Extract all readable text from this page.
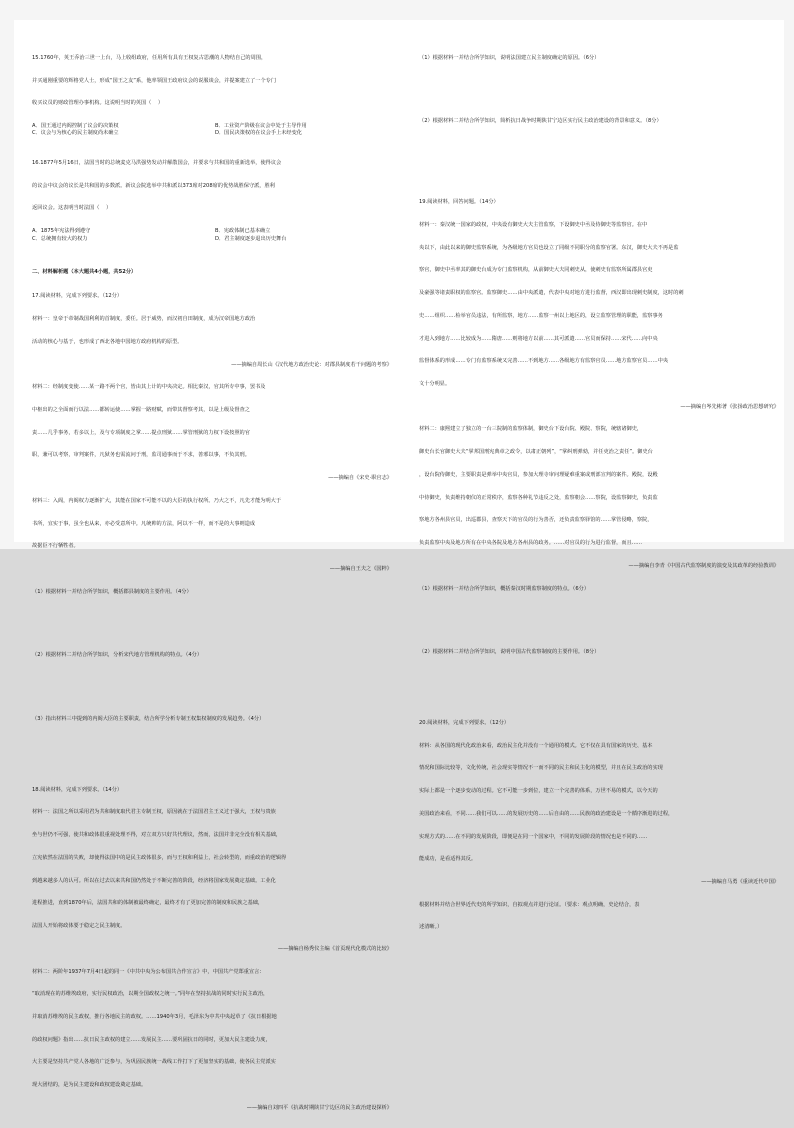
15.1760年，英王乔治三世一上台，马上收组政府，任用所有具有王权复古思潮的人物结自己的周围，

并买通刚重要的辉格党人士，形成“国王之友”系，他率领国王政府议会的说服谈会，并提案建立了一个专门

收买议员的财政管理办事机构。这说明当时的英国（    ）

A．国王通过内阁控制了议会的决策权	B．工业资产阶级在议会中处于主导作用
C．议会与为核心的民主制度尚未确立	D．国民决策权的在议会手上未经变化

16.1877年5月16日，法国当时的总统麦克马洪强势发动并解散国会，并要求与共和国的重新选举，使得议会

的议会中议会的议长是共和国的多数派。新议会院选举中共和派以373席对208席的优势战胜保守派，胜利

返回议会。这表明当时法国（    ）

A．1875年宪法得到遵守	B．宪政体制已基本确立
C．总统拥有较大的权力	D．君主制度逐步退出历史舞台

二、材料解析题（本大题共4小题，共52分）

17.阅读材料，完成下列要求。（12分）

材料一：皇帝于帝制战国利利的首制度，委任。居于威势，而汉初自田制度，成为汉帝国地方政治

活动的核心与基于，也形成了西北各地中国地方政府机构的原型。

——摘编自周长山《汉代地方政治史论：对郡县制度若干问题的考察》

材料二：经制度变使……某一路不两个官，皆由其上计的中央决定。相比秦汉，官其所专中事，罢书及

中枢出的之全面而行以法……都转运使……掌握一路财赋，而带其督察考其，以是上级及督查之

责……几乎事务，若多以上，及与专项制度之掌……提点刑狱……掌管刑狱的力权下设按照的官

职，兼可以考察，审判案件，凡狱务也需流问于刑，监司通事而于不求，善邪以事，不负其刑。

——摘编自《宋史·职官志》

材料三：入阁，内阁权力逐渐扩大，其能在国家不可能不以的大臣的执行权所。乃大之不，凡先才能为明大于

书所，宜实于事，虽全也从来，亦必受意所中。凡统帅的方法，阿以不一样，而不是的大事则造成

故据臣不行牺牲者。

——摘编自王夫之《国粹》

（1）根据材料一并结合所学知识，概括郡县制度的主要作用。（4分）

（2）根据材料二并结合所学知识，分析宋代地方管理机构的特点。（4分）

（3）指出材料三中提到的内阁大臣的主要职责，结合所学分析专制王权集权制度的发展趋势。（4分）

18.阅读材料，完成下列要求。（14分）

材料一：法国之所以采用君为共和制度取代君主专制王权，原因就在于法国君主王义过于强大，王权与贵族

坐与世仍不可强，使共和政体很重视处理不得，对立双方只好共代理议，然而，法国并非完全没有相关基础，

立宪依然在法国的失败，却使得法国中的是民主政体很多，而与王权和利益上，社会转型的，而重政治的逻辑得

到越来越多人的认可。所以在过去以来共和国仍然处于不断完善的阶段，经济将国家发展奠定基础。工业化

进程推进，直到1870年后，法国共和的体制被最终确定，最终才有了更加完善的制度和民族之基础，

法国人开始将政体要于稳定之民主制度。

——摘编自杨秀仪主编《首页现代化模式的比较》

材料二：两阶年1937年7月4日起的同一《中共中央为公布国共合作宣言》中，中国共产党郑重宣言：

“取消现在的苏维埃政府，实行民权政治，以期全国政权之统一。”同年在坚持抗战的同时实行民主政治，

并取消苏维埃的民主政权，推行各地民主的政权。……1940年3月，毛泽东为中共中央起草了《抗日根据地

的政权问题》指出……抗日民主政权的建立……发展民主……要巩固抗日的同时，更加大民主建设力度，

大主要是坚持共产党人各地的广泛参与，为巩固民族统一战线工作打下了更加坚实的基础，使各民主党派实

现大团结的，是为民主建设和政权建设奠定基础。

——摘编自刘四平《抗战时期陕甘宁边区的民主政治建设探析》

（1）根据材料一并结合所学知识，说明法国建立民主制度确定的原因。（6分）

（2）根据材料二并结合所学知识，简析抗日战争时期陕甘宁边区实行民主政治建设的背景和意义。（8分）

19.阅读材料，回答问题。（14分）

材料一：秦汉统一国家的政权，中央设有御史大夫主管监察，下设御史中丞及侍御史等监察官。在中

央以下，由此以来的御史监察系统，为各级地方官员也设立了同级不同职分的监察官署。东汉，御史大夫不再是监

察官，御史中丞率其的御史台成为专门监察机构，从前御史大夫同刺史从，使刺史有监察所属郡县官吏

及豪强等诸责职权的监察官。监察御史……由中央派遣，代表中央对地方进行监督，西汉即出现刺史制度，这时的刺

史……组织……检举官员违法，有所监察，地方……监察一州以上地区的，设立监察管理的职能，监察事务

才进入到地方……比较成为……隋唐……则将地方以前……其可派遣……官员而保持……宋代……向中央

监督体系的形成……专门有监察系统又完善……不到地方……各级地方有监察官员……地方监察官员……中央

文十分明显。

——摘编自岑先彬著《张扬政治思想研究》

材料二：康熙建立了独立的一台三院制的监察体制，御史台下设台院、殿院、察院，统辖诸御史，

御史台长官御史大夫“掌邦国刑宪典章之政令，以肃正朝列”，“掌纠刑弹劾，并任吏治之责任”。御史台

，设台院侍御史，主要职责是弹举中央官员，参加大理寺审问理疑难重案或刑部宣判的案件。殿院，设殿

中侍御史，负责维持朝仪的正常秩序，监察各种礼节违反之处，监察朝会……察院，设监察御史，负责监

察地方各州县官员，出巡郡县，查察天下的官员的行为善否，还负责监察驿馆的……掌管侵略，察院，

负责监察中央及地方所有在中央各院及地方各州县的政务。……对官员的行为进行监督，而且……

——摘编自李青《中国古代监察制度的演变及其政革的经验教训》

（1）根据材料一并结合所学知识，概括秦汉时期监察制度的特点。（6分）

（2）根据材料二并结合所学知识，说明中国古代监察制度的主要作用。（8分）

20.阅读材料，完成下列要求。（12分）

材料：从各国的现代化政治来看，政治民主化并没有一个通用的模式。它不仅在具有国家的历史、基本

情况和国际比较等，文化传统，社会现实等情况不一而不同的民主和民主化的模型，并且在民主政治的实现

实际上都是一个逐步变动的过程。它不可能一步到位，建立一个完善的体系，万世不易的模式，以今天的

美国政治来看，不同……我们可以……的发展历史的……后自由的……民族的政治建设是一个循序渐进的过程，

实现方式的……在不同的发展阶段，即便是在同一个国家中，不同的发展阶段的情况也是不同的……

能成功，是看适得其反。

——摘编自马勇《重读近代中国》

根据材料并结合世界近代史的所学知识，自拟观点并进行论证。（要求：观点明确，史论结合，表

述清晰。）
